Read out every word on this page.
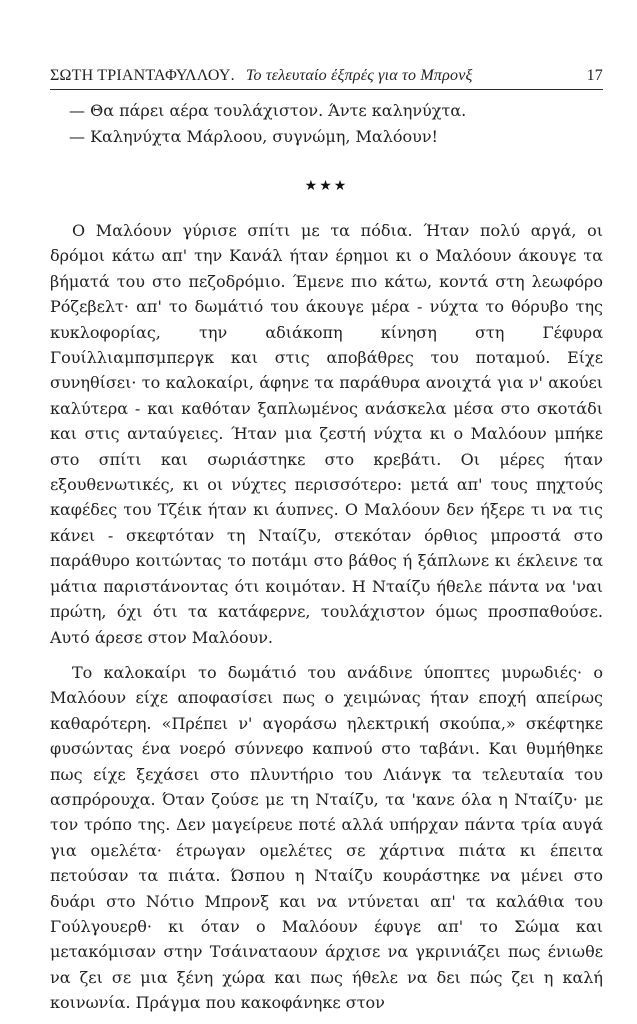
ΣΩΤΗ ΤΡΙΑΝΤΑΦΥΛΛΟΥ . Το τελευταίο έξπρές για το Μπρονξ	17

— Θα πάρει αέρα τουλάχιστον. Άντε καληνύχτα.

— Καληνύχτα Μάρλοου, συγνώμη, Μαλόουν!

★★★

Ο Μαλόουν γύρισε σπίτι με τα πόδια. Ήταν πολύ αργά, οι δρόμοι κάτω απ' την Κανάλ ήταν έρημοι κι ο Μαλόουν άκουγε τα βήματά του στο πεζοδρόμιο. Έμενε πιο κάτω, κοντά στη λεωφόρο Ρόζεβελτ· απ' το δωμάτιό του άκουγε μέρα - νύχτα το θόρυβο της κυκλοφορίας, την αδιάκοπη κίνηση στη Γέφυρα Γουίλλιαμπσμπεργκ και στις αποβάθρες του ποταμού. Είχε συνηθίσει· το καλοκαίρι, άφηνε τα παράθυρα ανοιχτά για ν' ακούει καλύτερα - και καθόταν ξαπλωμένος ανάσκελα μέσα στο σκοτάδι και στις ανταύγειες. Ήταν μια ζεστή νύχτα κι ο Μαλόουν μπήκε στο σπίτι και σωριάστηκε στο κρεβάτι. Οι μέρες ήταν εξουθενωτικές, κι οι νύχτες περισσότερο: μετά απ' τους πηχτούς καφέδες του Τζέικ ήταν κι άυπνες. Ο Μαλόουν δεν ήξερε τι να τις κάνει - σκεφτόταν τη Νταίζυ, στεκόταν όρθιος μπροστά στο παράθυρο κοιτώντας το ποτάμι στο βάθος ή ξάπλωνε κι έκλεινε τα μάτια παριστάνοντας ότι κοιμόταν. Η Νταίζυ ήθελε πάντα να 'ναι πρώτη, όχι ότι τα κατάφερνε, τουλάχιστον όμως προσπαθούσε. Αυτό άρεσε στον Μαλόουν.

Το καλοκαίρι το δωμάτιό του ανάδινε ύποπτες μυρωδιές· ο Μαλόουν είχε αποφασίσει πως ο χειμώνας ήταν εποχή απείρως καθαρότερη. «Πρέπει ν' αγοράσω ηλεκτρική σκούπα,» σκέφτηκε φυσώντας ένα νοερό σύννεφο καπνού στο ταβάνι. Και θυμήθηκε πως είχε ξεχάσει στο πλυντήριο του Λιάνγκ τα τελευταία του ασπρόρουχα. Όταν ζούσε με τη Νταίζυ, τα 'κανε όλα η Νταίζυ· με τον τρόπο της. Δεν μαγείρευε ποτέ αλλά υπήρχαν πάντα τρία αυγά για ομελέτα· έτρωγαν ομελέτες σε χάρτινα πιάτα κι έπειτα πετούσαν τα πιάτα. Ώσπου η Νταίζυ κουράστηκε να μένει στο δυάρι στο Νότιο Μπρονξ και να ντύνεται απ' τα καλάθια του Γούλγουερθ· κι όταν ο Μαλόουν έφυγε απ' το Σώμα και μετακόμισαν στην Τσάιναταουν άρχισε να γκρινιάζει πως ένιωθε να ζει σε μια ξένη χώρα και πως ήθελε να δει πώς ζει η καλή κοινωνία. Πράγμα που κακοφάνηκε στον
